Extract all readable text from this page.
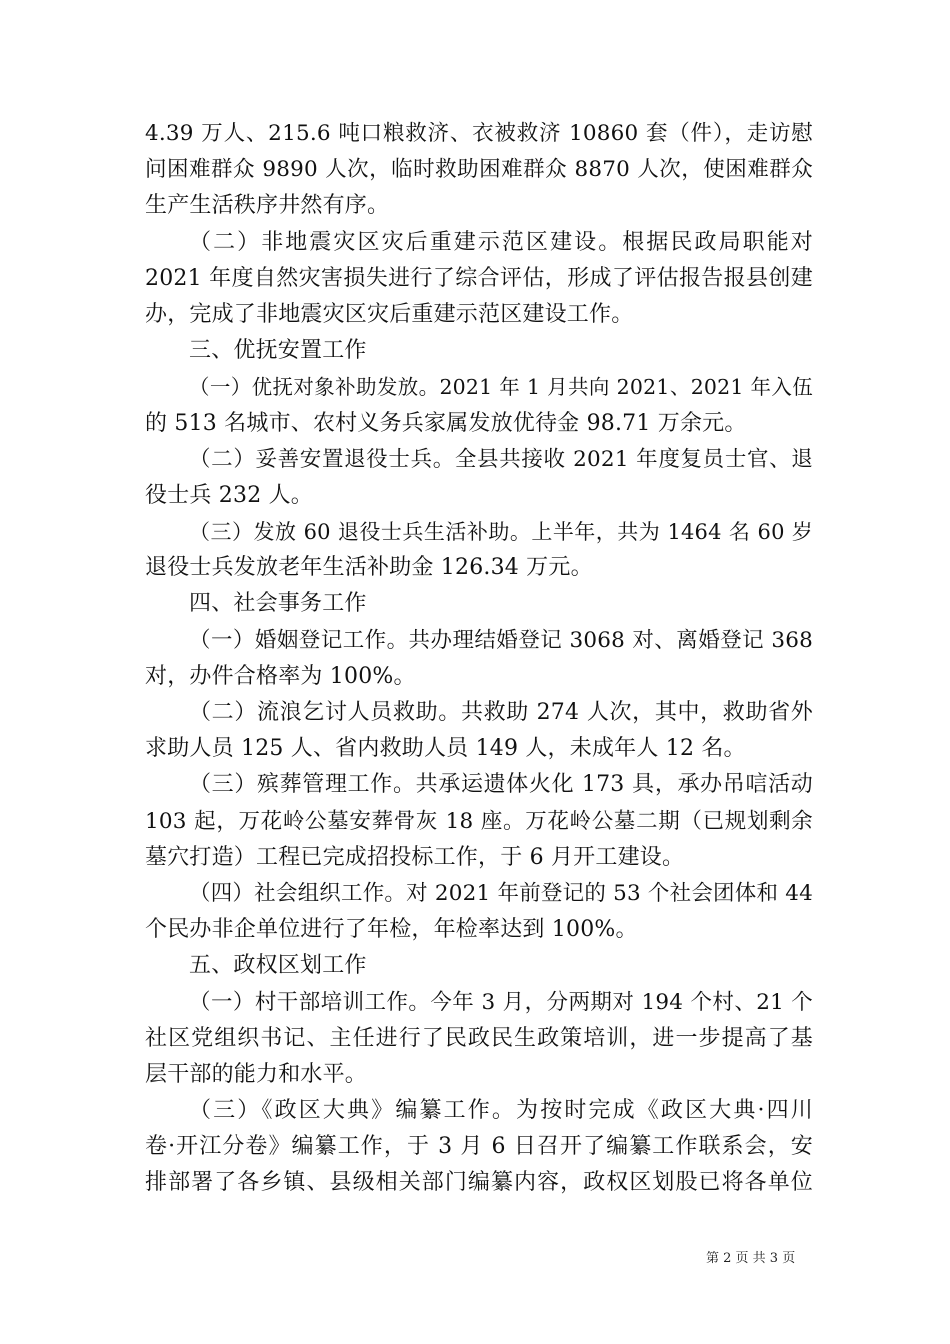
4.39 万人、215.6 吨口粮救济、衣被救济 10860 套（件），走访慰
问困难群众 9890 人次，临时救助困难群众 8870 人次，使困难群众
生产生活秩序井然有序。
（二）非地震灾区灾后重建示范区建设。根据民政局职能对
2021 年度自然灾害损失进行了综合评估，形成了评估报告报县创建
办，完成了非地震灾区灾后重建示范区建设工作。
三、优抚安置工作
（一）优抚对象补助发放。2021 年 1 月共向 2021、2021 年入伍
的 513 名城市、农村义务兵家属发放优待金 98.71 万余元。
（二）妥善安置退役士兵。全县共接收 2021 年度复员士官、退
役士兵 232 人。
（三）发放 60 退役士兵生活补助。上半年，共为 1464 名 60 岁
退役士兵发放老年生活补助金 126.34 万元。
四、社会事务工作
（一）婚姻登记工作。共办理结婚登记 3068 对、离婚登记 368
对，办件合格率为 100%。
（二）流浪乞讨人员救助。共救助 274 人次，其中，救助省外
求助人员 125 人、省内救助人员 149 人，未成年人 12 名。
（三）殡葬管理工作。共承运遗体火化 173 具，承办吊唁活动
103 起，万花岭公墓安葬骨灰 18 座。万花岭公墓二期（已规划剩余
墓穴打造）工程已完成招投标工作，于 6 月开工建设。
（四）社会组织工作。对 2021 年前登记的 53 个社会团体和 44
个民办非企单位进行了年检，年检率达到 100%。
五、政权区划工作
（一）村干部培训工作。今年 3 月，分两期对 194 个村、21 个
社区党组织书记、主任进行了民政民生政策培训，进一步提高了基
层干部的能力和水平。
（三）《政区大典》编纂工作。为按时完成《政区大典·四川
卷·开江分卷》编纂工作，于 3 月 6 日召开了编纂工作联系会，安
排部署了各乡镇、县级相关部门编纂内容，政权区划股已将各单位
第 2 页 共 3 页
